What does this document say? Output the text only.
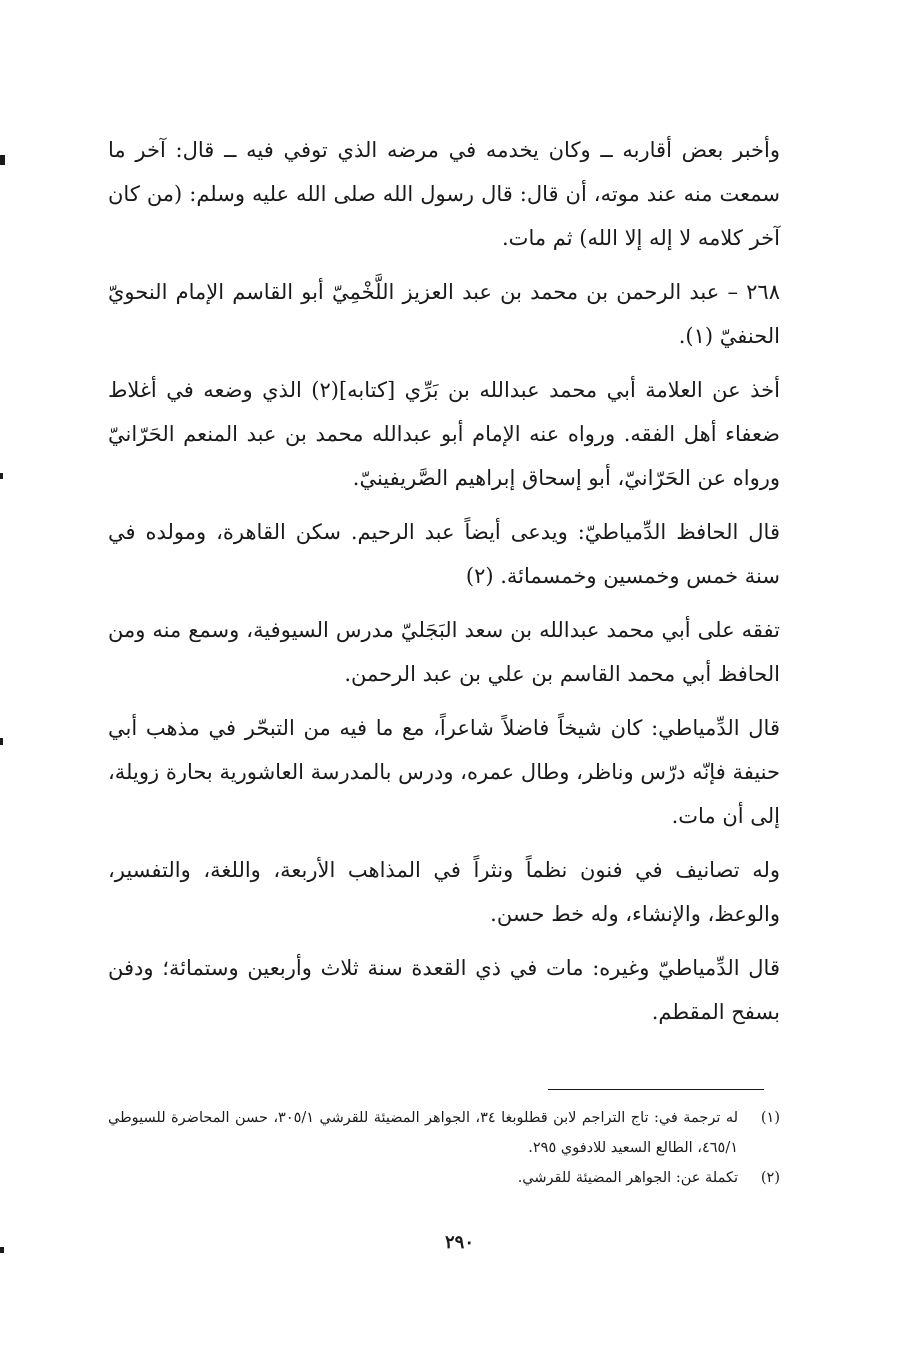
وأخبر بعض أقاربه ــ وكان يخدمه في مرضه الذي توفي فيه ــ قال: آخر ما سمعت منه عند موته، أن قال: قال رسول الله صلى الله عليه وسلم: (من كان آخر كلامه لا إله إلا الله) ثم مات.

٢٦٨ – عبد الرحمن بن محمد بن عبد العزيز اللَّخْمِيّ أبو القاسم الإمام النحويّ الحنفيّ (١).

أخذ عن العلامة أبي محمد عبدالله بن بَرِّي [كتابه](٢) الذي وضعه في أغلاط ضعفاء أهل الفقه. ورواه عنه الإمام أبو عبدالله محمد بن عبد المنعم الحَرّانيّ ورواه عن الحَرّانيّ، أبو إسحاق إبراهيم الصَّريفينيّ.

قال الحافظ الدِّمياطيّ: ويدعى أيضاً عبد الرحيم. سكن القاهرة، ومولده في سنة خمس وخمسين وخمسمائة. (٢)

تفقه على أبي محمد عبدالله بن سعد البَجَليّ مدرس السيوفية، وسمع منه ومن الحافظ أبي محمد القاسم بن علي بن عبد الرحمن.

قال الدِّمياطي: كان شيخاً فاضلاً شاعراً، مع ما فيه من التبحّر في مذهب أبي حنيفة فإنّه درّس وناظر، وطال عمره، ودرس بالمدرسة العاشورية بحارة زويلة، إلى أن مات.

وله تصانيف في فنون نظماً ونثراً في المذاهب الأربعة، واللغة، والتفسير، والوعظ، والإنشاء، وله خط حسن.

قال الدِّمياطيّ وغيره: مات في ذي القعدة سنة ثلاث وأربعين وستمائة؛ ودفن بسفح المقطم.

(١)
له ترجمة في: تاج التراجم لابن قطلوبغا ٣٤، الجواهر المضيئة للقرشي ٣٠٥/١، حسن المحاضرة للسيوطي ٤٦٥/١، الطالع السعيد للادفوي ٢٩٥.
(٢)
تكملة عن: الجواهر المضيئة للقرشي.
٢٩٠
